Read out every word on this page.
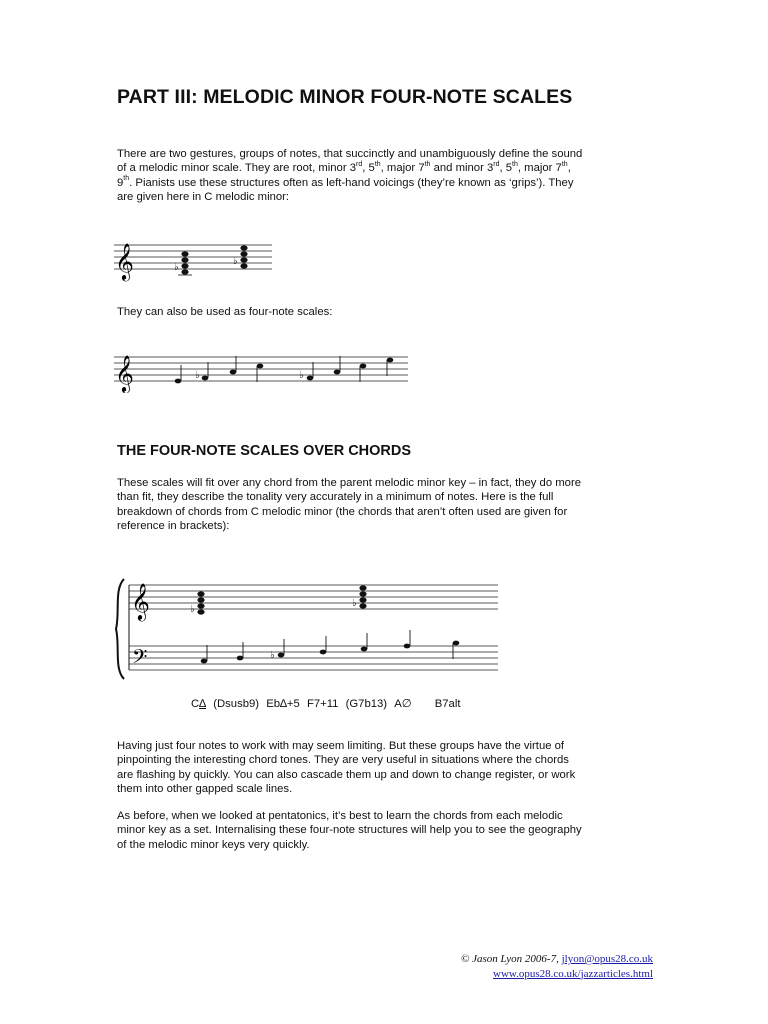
PART III: MELODIC MINOR FOUR-NOTE SCALES

There are two gestures, groups of notes, that succinctly and unambiguously define the sound
of a melodic minor scale. They are root, minor 3rd, 5th, major 7th and minor 3rd, 5th, major 7th,
9th. Pianists use these structures often as left-hand voicings (they’re known as ‘grips’). They
are given here in C melodic minor:

𝄞	♭
♭

They can also be used as four-note scales:

𝄞	♭	♭
THE FOUR-NOTE SCALES OVER CHORDS

These scales will fit over any chord from the parent melodic minor key – in fact, they do more
than fit, they describe the tonality very accurately in a minimum of notes. Here is the full
breakdown of chords from C melodic minor (the chords that aren’t often used are given for
reference in brackets):

𝄞
𝄢
♭
♭
♭
C∆ (Dsusb9) Eb∆+5 F7+11 (G7b13) A∅ B7alt

Having just four notes to work with may seem limiting. But these groups have the virtue of
pinpointing the interesting chord tones. They are very useful in situations where the chords
are flashing by quickly. You can also cascade them up and down to change register, or work
them into other gapped scale lines.

As before, when we looked at pentatonics, it’s best to learn the chords from each melodic
minor key as a set. Internalising these four-note structures will help you to see the geography
of the melodic minor keys very quickly.

© Jason Lyon 2006-7, jlyon@opus28.co.uk
www.opus28.co.uk/jazzarticles.html
